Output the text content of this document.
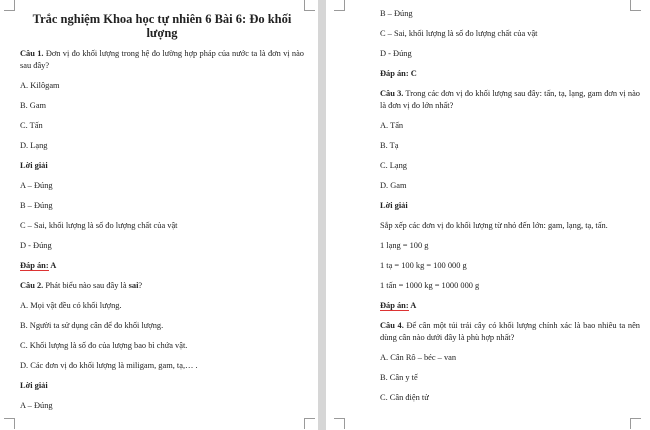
Trắc nghiệm Khoa học tự nhiên 6 Bài 6: Đo khối lượng

Câu 1. Đơn vị đo khối lượng trong hệ đo lường hợp pháp của nước ta là đơn vị nào sau đây?

A. Kilôgam

B. Gam

C. Tấn

D. Lạng

Lời giải

A – Đúng

B – Đúng

C – Sai, khối lượng là số đo lượng chất của vật

D - Đúng

Đáp án: A

Câu 2. Phát biểu nào sau đây là sai?

A. Mọi vật đều có khối lượng.

B. Người ta sử dụng cân để đo khối lượng.

C. Khối lượng là số đo của lượng bao bì chứa vật.

D. Các đơn vị đo khối lượng là miligam, gam, tạ,… .

Lời giải

A – Đúng

B – Đúng

C – Sai, khối lượng là số đo lượng chất của vật

D - Đúng

Đáp án: C

Câu 3. Trong các đơn vị đo khối lượng sau đây: tấn, tạ, lạng, gam đơn vị nào là đơn vị đo lớn nhất?

A. Tấn

B. Tạ

C. Lạng

D. Gam

Lời giải

Sắp xếp các đơn vị đo khối lượng từ nhỏ đến lớn: gam, lạng, tạ, tấn.

1 lạng = 100 g

1 tạ = 100 kg = 100 000 g

1 tấn = 1000 kg = 1000 000 g

Đáp án: A

Câu 4. Để cân một túi trái cây có khối lượng chính xác là bao nhiêu ta nên dùng cân nào dưới đây là phù hợp nhất?

A. Cân Rô – béc – van

B. Cân y tế

C. Cân điện tử
